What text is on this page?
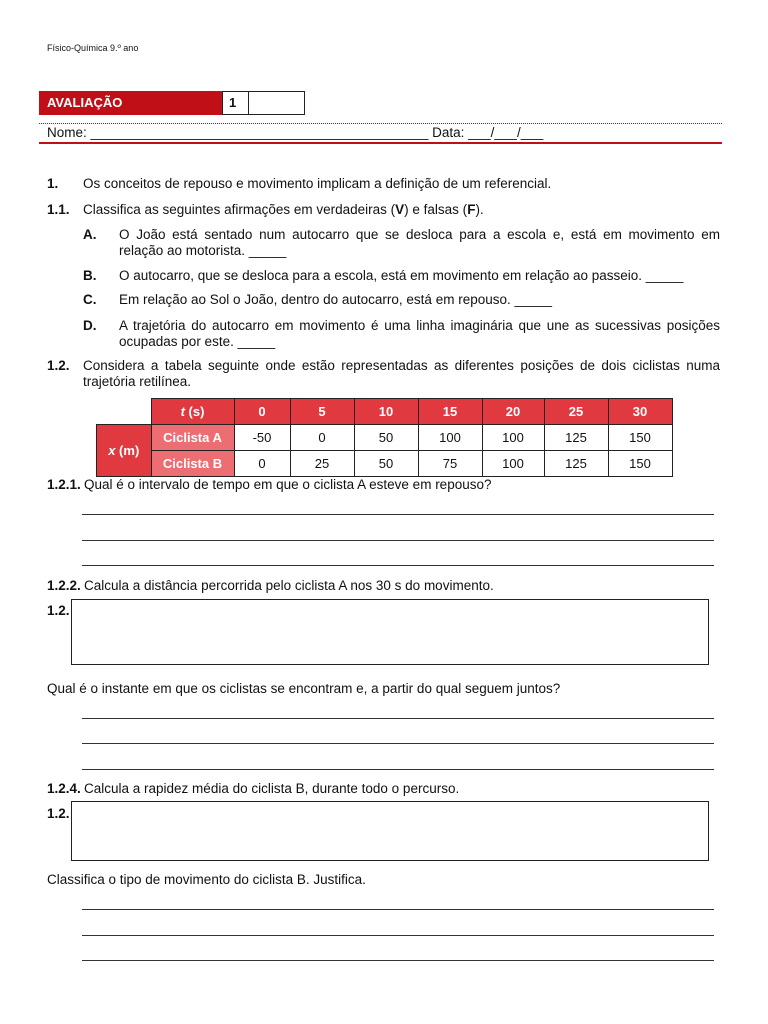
Físico-Química 9.º ano
AVALIAÇÃO	1
Nome: _____________________________________________ Data: ___/___/___
1. Os conceitos de repouso e movimento implicam a definição de um referencial.
1.1. Classifica as seguintes afirmações em verdadeiras (V) e falsas (F).
A. O João está sentado num autocarro que se desloca para a escola e, está em movimento em relação ao motorista. _____
B. O autocarro, que se desloca para a escola, está em movimento em relação ao passeio. _____
C. Em relação ao Sol o João, dentro do autocarro, está em repouso. _____
D. A trajetória do autocarro em movimento é uma linha imaginária que une as sucessivas posições ocupadas por este. _____
1.2. Considera a tabela seguinte onde estão representadas as diferentes posições de dois ciclistas numa trajetória retilínea.
	t (s)	0	5	10	15	20	25	30
x (m)	Ciclista A	-50	0	50	100	100	125	150
	Ciclista B	0	25	50	75	100	125	150
1.2.1. Qual é o intervalo de tempo em que o ciclista A esteve em repouso?
1.2.2. Calcula a distância percorrida pelo ciclista A nos 30 s do movimento.
1.2.
Qual é o instante em que os ciclistas se encontram e, a partir do qual seguem juntos?
1.2.4. Calcula a rapidez média do ciclista B, durante todo o percurso.
1.2.
Classifica o tipo de movimento do ciclista B. Justifica.
